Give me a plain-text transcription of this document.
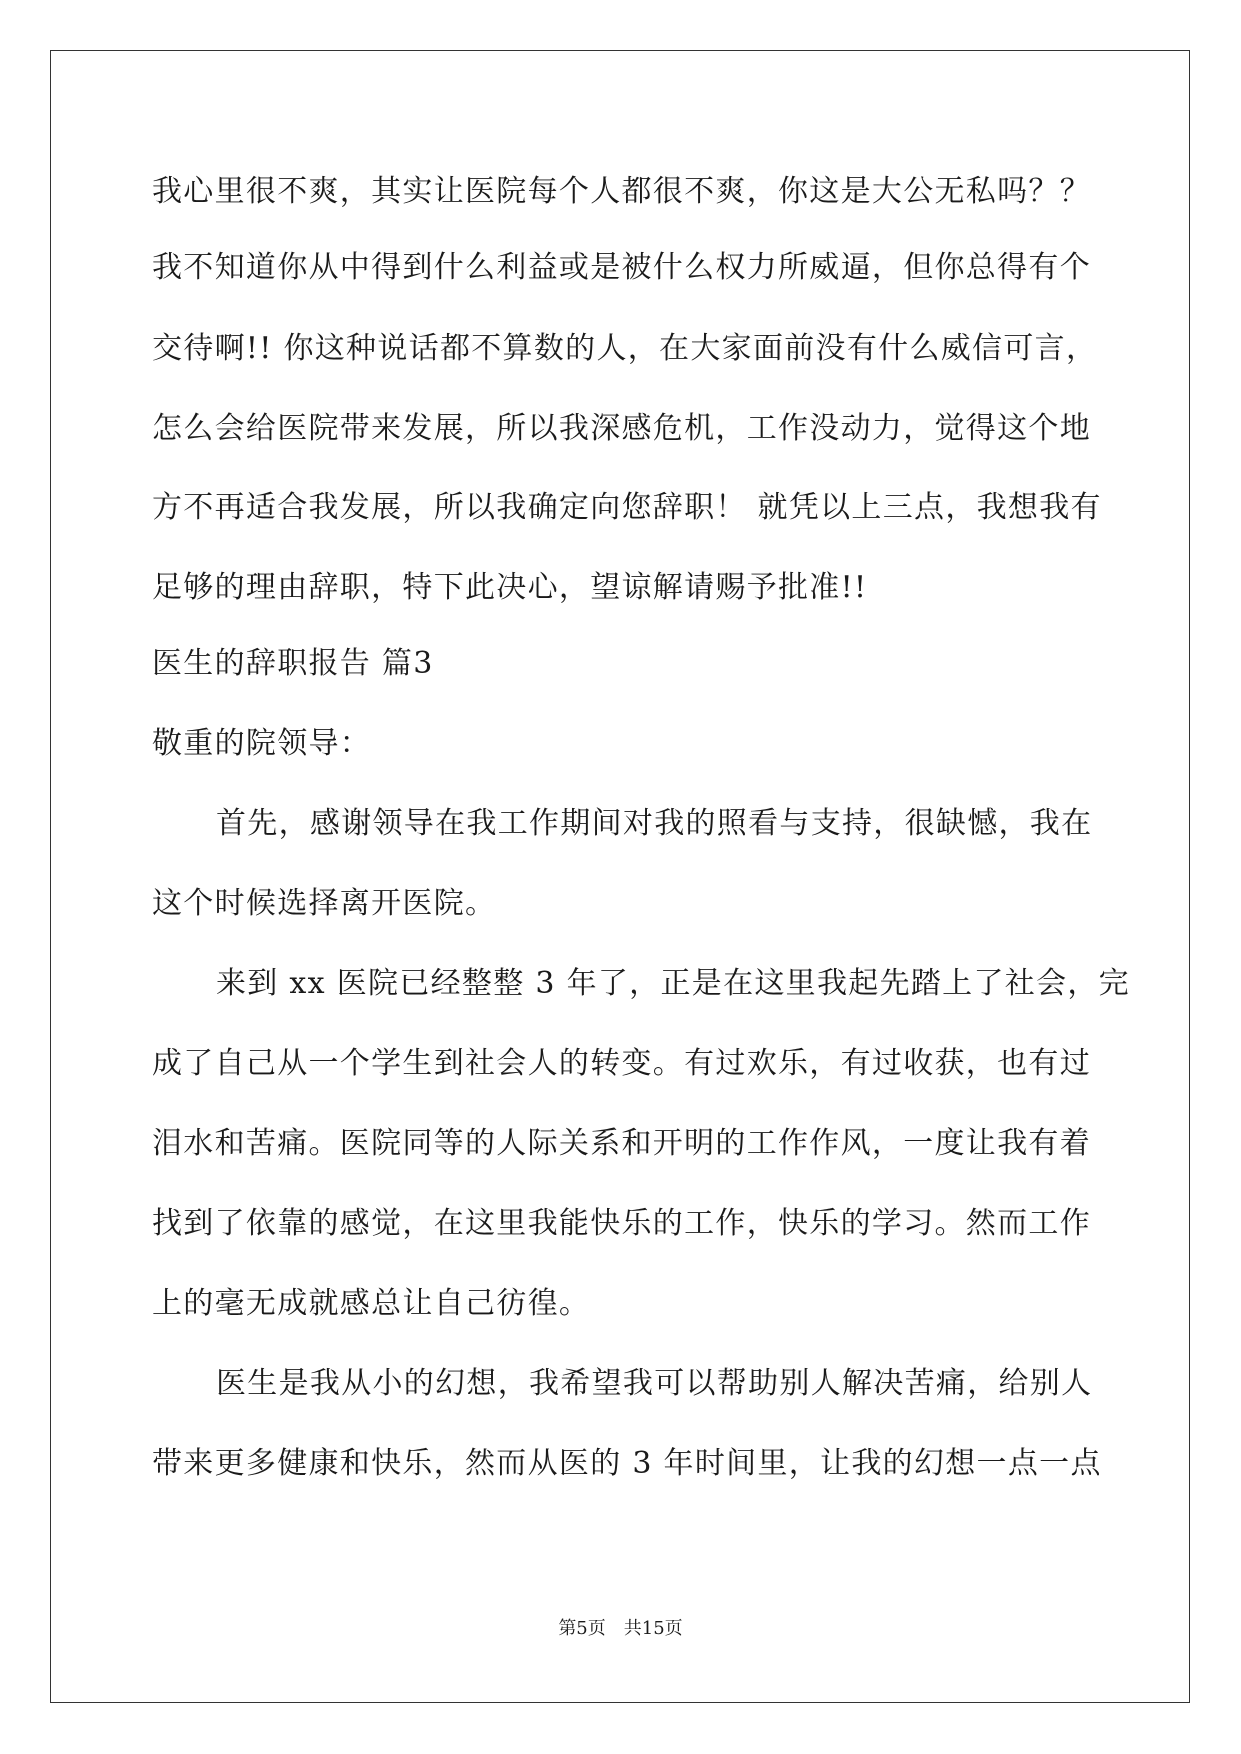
我心里很不爽，其实让医院每个人都很不爽，你这是大公无私吗？？
我不知道你从中得到什么利益或是被什么权力所威逼，但你总得有个
交待啊!! 你这种说话都不算数的人，在大家面前没有什么威信可言，
怎么会给医院带来发展，所以我深感危机，工作没动力，觉得这个地
方不再适合我发展，所以我确定向您辞职！ 就凭以上三点，我想我有
足够的理由辞职，特下此决心，望谅解请赐予批准!!
医生的辞职报告 篇3
敬重的院领导：
首先，感谢领导在我工作期间对我的照看与支持，很缺憾，我在
这个时候选择离开医院。
来到 xx 医院已经整整 3 年了，正是在这里我起先踏上了社会，完
成了自己从一个学生到社会人的转变。有过欢乐，有过收获，也有过
泪水和苦痛。医院同等的人际关系和开明的工作作风，一度让我有着
找到了依靠的感觉，在这里我能快乐的工作，快乐的学习。然而工作
上的毫无成就感总让自己彷徨。
医生是我从小的幻想，我希望我可以帮助别人解决苦痛，给别人
带来更多健康和快乐，然而从医的 3 年时间里，让我的幻想一点一点
第5页　共15页
